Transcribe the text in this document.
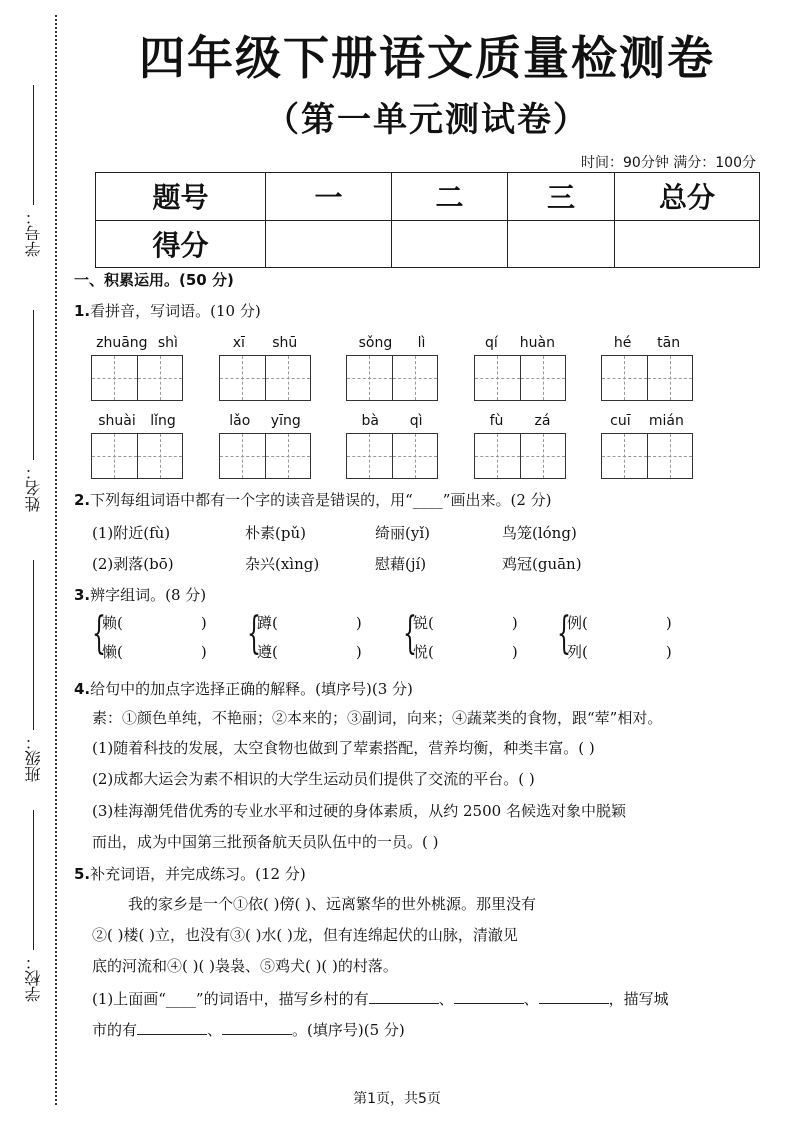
学号：
姓名：
班级：
学校：
四年级下册语文质量检测卷
（第一单元测试卷）
时间：90分钟 满分：100分
题号	一	二	三	总分
得分				
一、积累运用。(50 分)
1.看拼音，写词语。(10 分)
zhuāng shì	xī shū	sǒng lì	qí huàn	hé tān
shuài lǐng	lǎo yīng	bà qì	fù zá	cuī mián
2.下列每组词语中都有一个字的读音是错误的，用“____”画出来。(2 分)
(1)附近(fù)	朴素(pǔ)	绮丽(yǐ)	鸟笼(lóng)
(2)剥落(bō)	杂兴(xìng)	慰藉(jí)	鸡冠(guān)
3.辨字组词。(8 分)
{
赖(	)
懒(	) {
蹲(	)
遵(	) {
锐(	)
悦(	) {
例(	)
列(	)
4.给句中的加点字选择正确的解释。(填序号)(3 分)
素：①颜色单纯，不艳丽；②本来的；③副词，向来；④蔬菜类的食物，跟“荤”相对。
(1)随着科技的发展，太空食物也做到了荤素搭配，营养均衡，种类丰富。( )
(2)成都大运会为素不相识的大学生运动员们提供了交流的平台。( )
(3)桂海潮凭借优秀的专业水平和过硬的身体素质，从约 2500 名候选对象中脱颖
而出，成为中国第三批预备航天员队伍中的一员。( )
5.补充词语，并完成练习。(12 分)
我的家乡是一个①依( )傍( )、远离繁华的世外桃源。那里没有
②( )楼( )立，也没有③( )水( )龙，但有连绵起伏的山脉，清澈见
底的河流和④( )( )袅袅、⑤鸡犬( )( )的村落。
(1)上面画“____”的词语中，描写乡村的有	、	、	，描写城
市的有	、	。(填序号)(5 分)
第1页，共5页
